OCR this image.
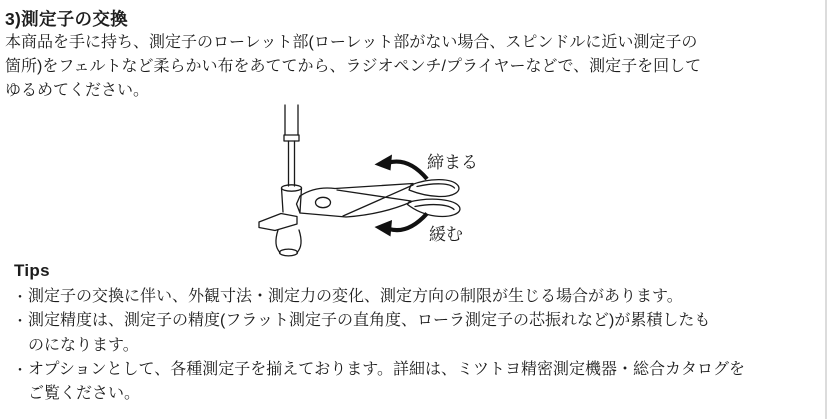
3)測定子の交換
本商品を手に持ち、測定子のローレット部(ローレット部がない場合、スピンドルに近い測定子の
箇所)をフェルトなど柔らかい布をあててから、ラジオペンチ/プライヤーなどで、測定子を回して
ゆるめてください。
締まる
緩む
Tips
・ 測定子の交換に伴い、外観寸法・測定力の変化、測定方向の制限が生じる場合があります。
・ 測定精度は、測定子の精度(フラット測定子の直角度、ローラ測定子の芯振れなど)が累積したも
のになります。
・ オプションとして、各種測定子を揃えております。詳細は、ミツトヨ精密測定機器・総合カタログを
ご覧ください。
